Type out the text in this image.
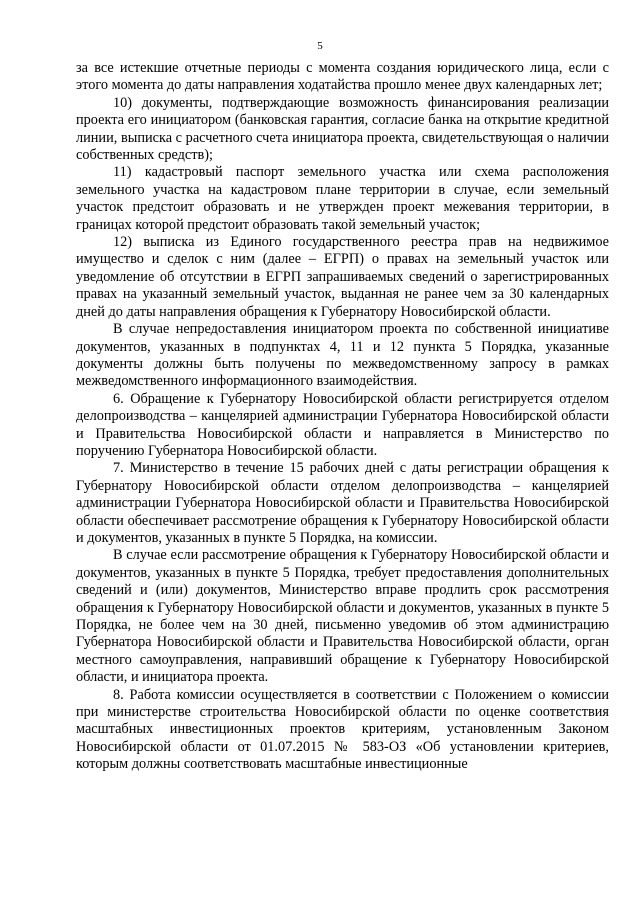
5

за все истекшие отчетные периоды с момента создания юридического лица, если с этого момента до даты направления ходатайства прошло менее двух календарных лет;

10) документы, подтверждающие возможность финансирования реализации проекта его инициатором (банковская гарантия, согласие банка на открытие кредитной линии, выписка с расчетного счета инициатора проекта, свидетельствующая о наличии собственных средств);

11) кадастровый паспорт земельного участка или схема расположения земельного участка на кадастровом плане территории в случае, если земельный участок предстоит образовать и не утвержден проект межевания территории, в границах которой предстоит образовать такой земельный участок;

12) выписка из Единого государственного реестра прав на недвижимое имущество и сделок с ним (далее – ЕГРП) о правах на земельный участок или уведомление об отсутствии в ЕГРП запрашиваемых сведений о зарегистрированных правах на указанный земельный участок, выданная не ранее чем за 30 календарных дней до даты направления обращения к Губернатору Новосибирской области.

В случае непредоставления инициатором проекта по собственной инициативе документов, указанных в подпунктах 4, 11 и 12 пункта 5 Порядка, указанные документы должны быть получены по межведомственному запросу в рамках межведомственного информационного взаимодействия.

6. Обращение к Губернатору Новосибирской области регистрируется отделом делопроизводства – канцелярией администрации Губернатора Новосибирской области и Правительства Новосибирской области и направляется в Министерство по поручению Губернатора Новосибирской области.

7. Министерство в течение 15 рабочих дней с даты регистрации обращения к Губернатору Новосибирской области отделом делопроизводства – канцелярией администрации Губернатора Новосибирской области и Правительства Новосибирской области обеспечивает рассмотрение обращения к Губернатору Новосибирской области и документов, указанных в пункте 5 Порядка, на комиссии.

В случае если рассмотрение обращения к Губернатору Новосибирской области и документов, указанных в пункте 5 Порядка, требует предоставления дополнительных сведений и (или) документов, Министерство вправе продлить срок рассмотрения обращения к Губернатору Новосибирской области и документов, указанных в пункте 5 Порядка, не более чем на 30 дней, письменно уведомив об этом администрацию Губернатора Новосибирской области и Правительства Новосибирской области, орган местного самоуправления, направивший обращение к Губернатору Новосибирской области, и инициатора проекта.

8. Работа комиссии осуществляется в соответствии с Положением о комиссии при министерстве строительства Новосибирской области по оценке соответствия масштабных инвестиционных проектов критериям, установленным Законом Новосибирской области от 01.07.2015 № 583-ОЗ «Об установлении критериев, которым должны соответствовать масштабные инвестиционные
